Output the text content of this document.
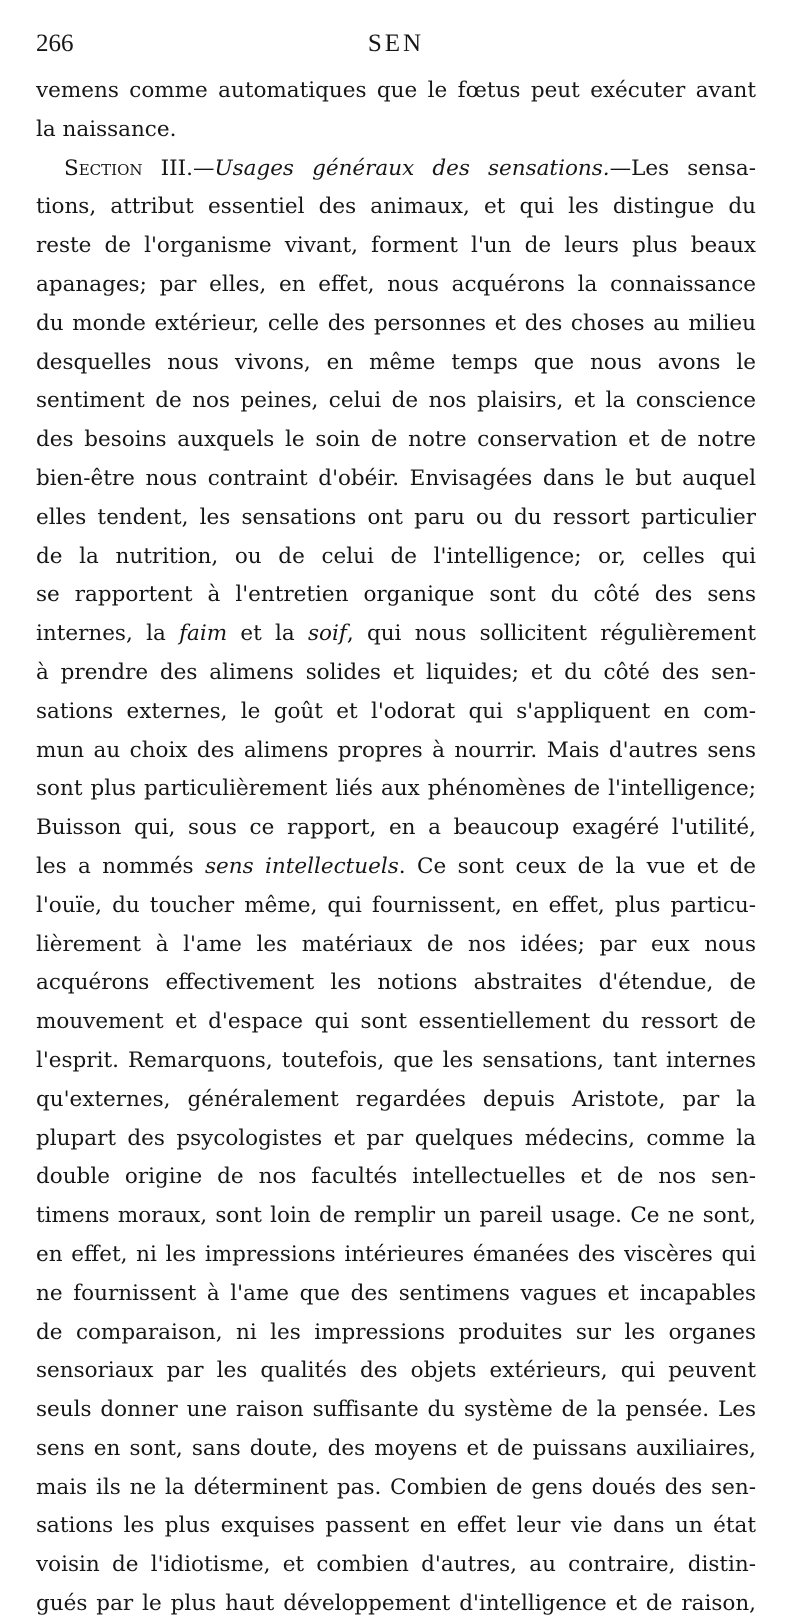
266	SEN
vemens comme automatiques que le fœtus peut exécuter avant
la naissance.
Section III.—Usages généraux des sensations.—Les sensa-
tions, attribut essentiel des animaux, et qui les distingue du
reste de l'organisme vivant, forment l'un de leurs plus beaux
apanages; par elles, en effet, nous acquérons la connaissance
du monde extérieur, celle des personnes et des choses au milieu
desquelles nous vivons, en même temps que nous avons le
sentiment de nos peines, celui de nos plaisirs, et la conscience
des besoins auxquels le soin de notre conservation et de notre
bien-être nous contraint d'obéir. Envisagées dans le but auquel
elles tendent, les sensations ont paru ou du ressort particulier
de la nutrition, ou de celui de l'intelligence; or, celles qui
se rapportent à l'entretien organique sont du côté des sens
internes, la faim et la soif, qui nous sollicitent régulièrement
à prendre des alimens solides et liquides; et du côté des sen-
sations externes, le goût et l'odorat qui s'appliquent en com-
mun au choix des alimens propres à nourrir. Mais d'autres sens
sont plus particulièrement liés aux phénomènes de l'intelligence;
Buisson qui, sous ce rapport, en a beaucoup exagéré l'utilité,
les a nommés sens intellectuels. Ce sont ceux de la vue et de
l'ouïe, du toucher même, qui fournissent, en effet, plus particu-
lièrement à l'ame les matériaux de nos idées; par eux nous
acquérons effectivement les notions abstraites d'étendue, de
mouvement et d'espace qui sont essentiellement du ressort de
l'esprit. Remarquons, toutefois, que les sensations, tant internes
qu'externes, généralement regardées depuis Aristote, par la
plupart des psycologistes et par quelques médecins, comme la
double origine de nos facultés intellectuelles et de nos sen-
timens moraux, sont loin de remplir un pareil usage. Ce ne sont,
en effet, ni les impressions intérieures émanées des viscères qui
ne fournissent à l'ame que des sentimens vagues et incapables
de comparaison, ni les impressions produites sur les organes
sensoriaux par les qualités des objets extérieurs, qui peuvent
seuls donner une raison suffisante du système de la pensée. Les
sens en sont, sans doute, des moyens et de puissans auxiliaires,
mais ils ne la déterminent pas. Combien de gens doués des sen-
sations les plus exquises passent en effet leur vie dans un état
voisin de l'idiotisme, et combien d'autres, au contraire, distin-
gués par le plus haut développement d'intelligence et de raison,
